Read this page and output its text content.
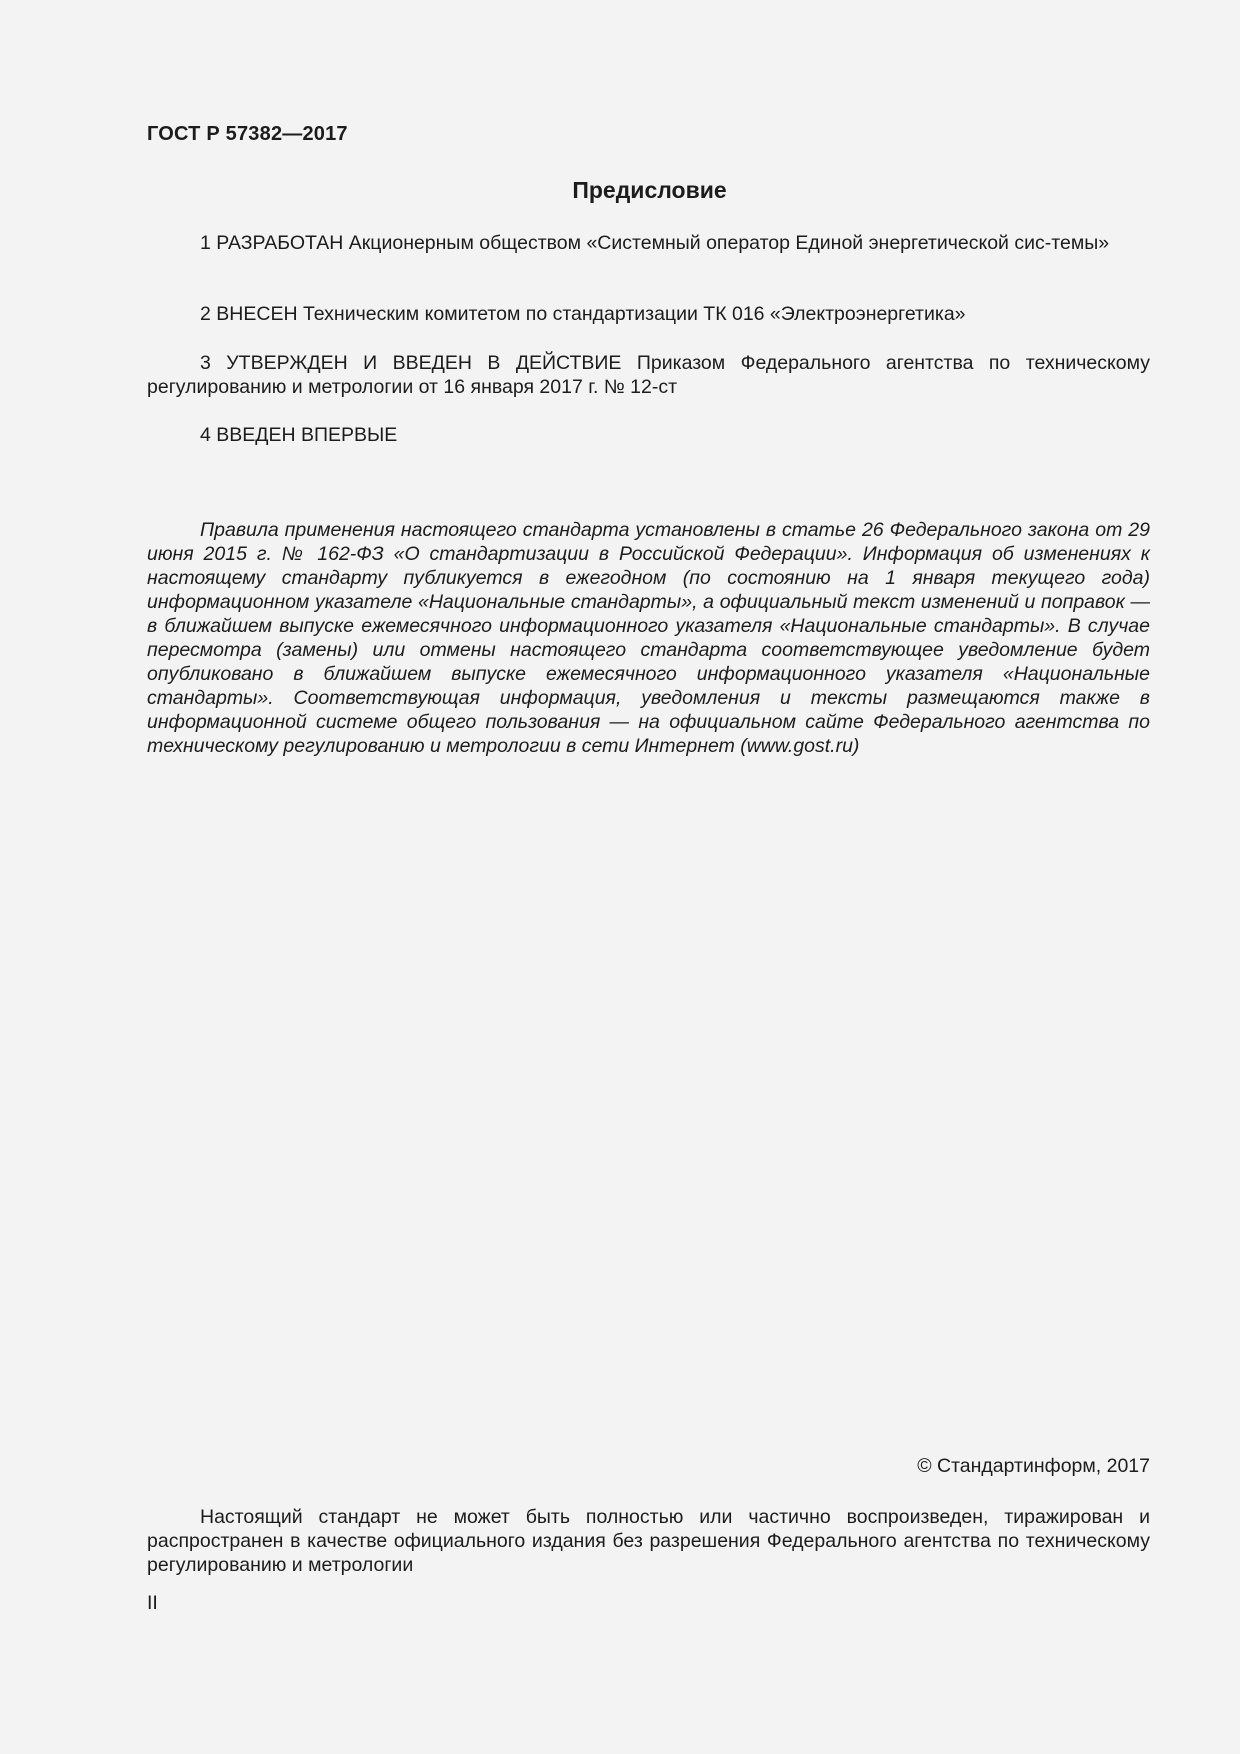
ГОСТ Р 57382—2017
Предисловие
1 РАЗРАБОТАН Акционерным обществом «Системный оператор Единой энергетической сис-темы»
2 ВНЕСЕН Техническим комитетом по стандартизации ТК 016 «Электроэнергетика»
3 УТВЕРЖДЕН И ВВЕДЕН В ДЕЙСТВИЕ Приказом Федерального агентства по техническому регулированию и метрологии от 16 января 2017 г. № 12-ст
4 ВВЕДЕН ВПЕРВЫЕ
Правила применения настоящего стандарта установлены в статье 26 Федерального закона от 29 июня 2015 г. № 162-ФЗ «О стандартизации в Российской Федерации». Информация об изменениях к настоящему стандарту публикуется в ежегодном (по состоянию на 1 января текущего года) информационном указателе «Национальные стандарты», а официальный текст изменений и поправок — в ближайшем выпуске ежемесячного информационного указателя «Национальные стандарты». В случае пересмотра (замены) или отмены настоящего стандарта соответствующее уведомление будет опубликовано в ближайшем выпуске ежемесячного информационного указателя «Национальные стандарты». Соответствующая информация, уведомления и тексты размещаются также в информационной системе общего пользования — на официальном сайте Федерального агентства по техническому регулированию и метрологии в сети Интернет (www.gost.ru)
© Стандартинформ, 2017
Настоящий стандарт не может быть полностью или частично воспроизведен, тиражирован и распространен в качестве официального издания без разрешения Федерального агентства по техническому регулированию и метрологии
II
